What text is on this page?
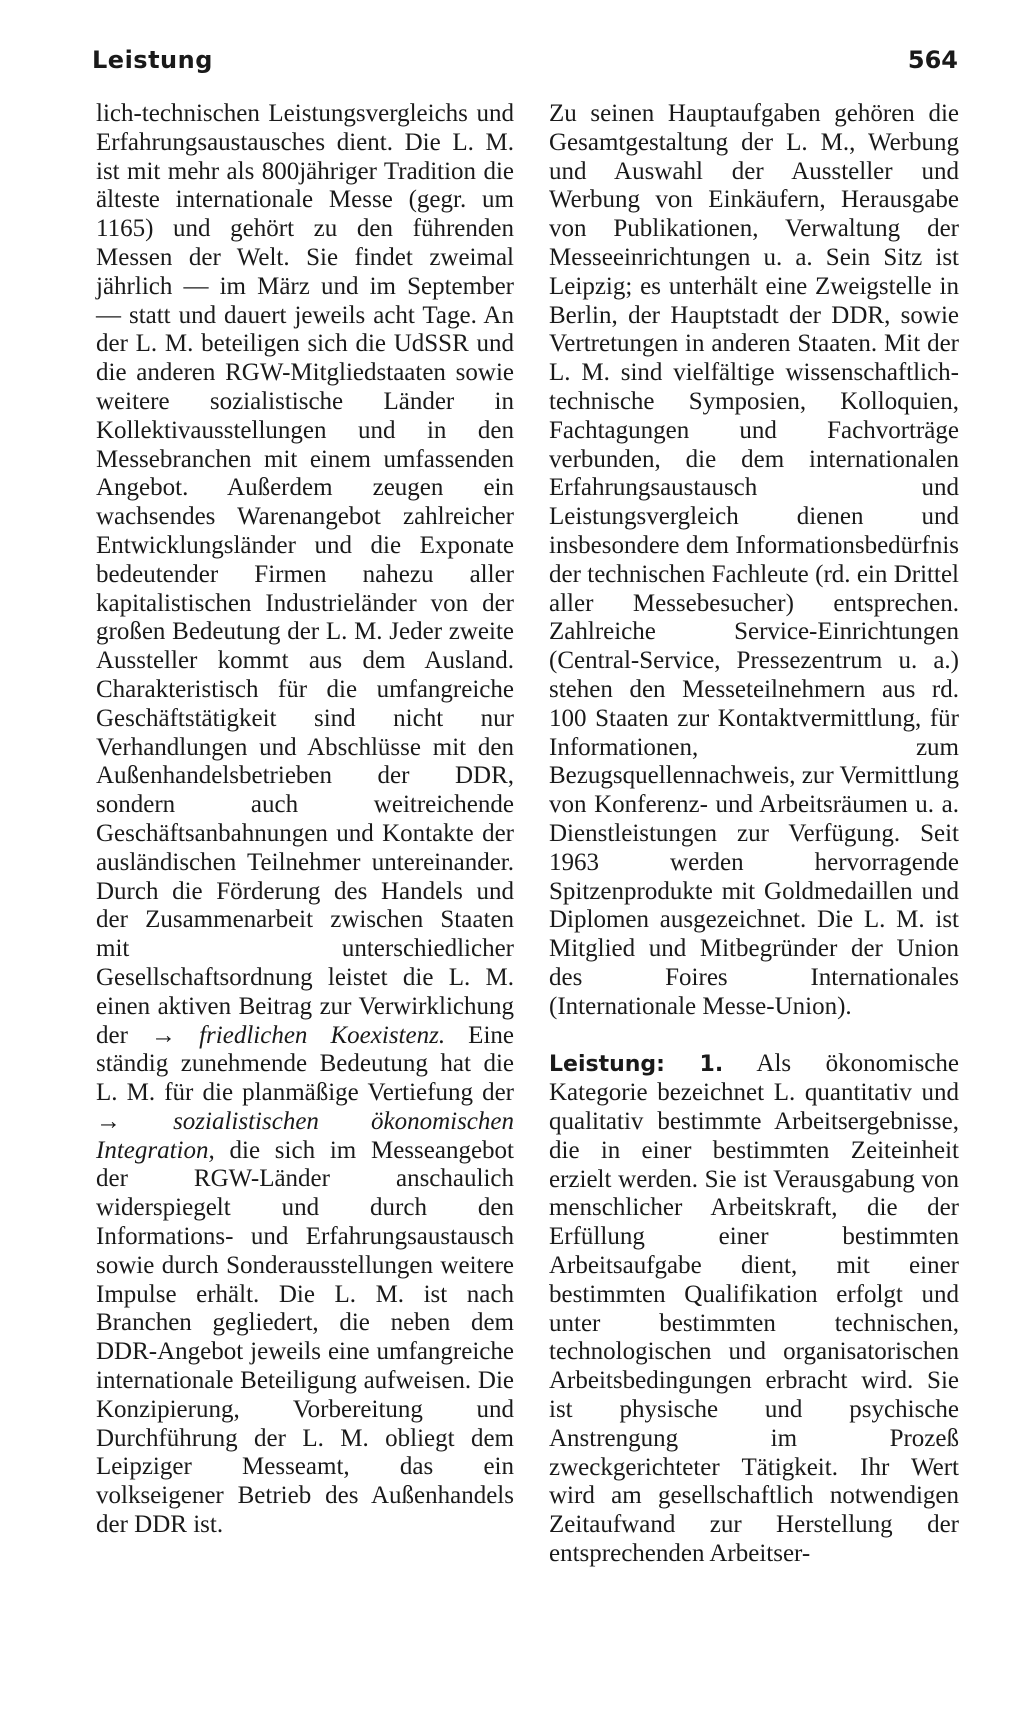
Leistung	564

lich-technischen Leistungsvergleichs und Erfahrungsaustausches dient. Die L. M. ist mit mehr als 800jähriger Tradition die älteste internationale Messe (gegr. um 1165) und gehört zu den führenden Messen der Welt. Sie findet zweimal jährlich — im März und im September — statt und dauert jeweils acht Tage. An der L. M. beteiligen sich die UdSSR und die anderen RGW-Mitgliedstaaten sowie weitere sozialistische Länder in Kollektivausstellungen und in den Messebranchen mit einem umfassenden Angebot. Außerdem zeugen ein wachsendes Warenangebot zahlreicher Entwicklungsländer und die Exponate bedeutender Firmen nahezu aller kapitalistischen Industrieländer von der großen Bedeutung der L. M. Jeder zweite Aussteller kommt aus dem Ausland. Charakteristisch für die umfangreiche Geschäftstätigkeit sind nicht nur Verhandlungen und Abschlüsse mit den Außenhandelsbetrieben der DDR, sondern auch weitreichende Geschäftsanbahnungen und Kontakte der ausländischen Teilnehmer untereinander. Durch die Förderung des Handels und der Zusammenarbeit zwischen Staaten mit unterschiedlicher Gesellschaftsordnung leistet die L. M. einen aktiven Beitrag zur Verwirklichung der → friedlichen Koexistenz. Eine ständig zunehmende Bedeutung hat die L. M. für die planmäßige Vertiefung der → sozialistischen ökonomischen Integration, die sich im Messeangebot der RGW-Länder anschaulich widerspiegelt und durch den Informations- und Erfahrungsaustausch sowie durch Sonderausstellungen weitere Impulse erhält. Die L. M. ist nach Branchen gegliedert, die neben dem DDR-Angebot jeweils eine umfangreiche internationale Beteiligung aufweisen. Die Konzipierung, Vorbereitung und Durchführung der L. M. obliegt dem Leipziger Messeamt, das ein volkseigener Betrieb des Außenhandels der DDR ist.

Zu seinen Hauptaufgaben gehören die Gesamtgestaltung der L. M., Werbung und Auswahl der Aussteller und Werbung von Einkäufern, Herausgabe von Publikationen, Verwaltung der Messeeinrichtungen u. a. Sein Sitz ist Leipzig; es unterhält eine Zweigstelle in Berlin, der Hauptstadt der DDR, sowie Vertretungen in anderen Staaten. Mit der L. M. sind vielfältige wissenschaftlich-technische Symposien, Kolloquien, Fachtagungen und Fachvorträge verbunden, die dem internationalen Erfahrungsaustausch und Leistungsvergleich dienen und insbesondere dem Informationsbedürfnis der technischen Fachleute (rd. ein Drittel aller Messebesucher) entsprechen. Zahlreiche Service-Einrichtungen (Central-Service, Pressezentrum u. a.) stehen den Messeteilnehmern aus rd. 100 Staaten zur Kontaktvermittlung, für Informationen, zum Bezugsquellennachweis, zur Vermittlung von Konferenz- und Arbeitsräumen u. a. Dienstleistungen zur Verfügung. Seit 1963 werden hervorragende Spitzenprodukte mit Goldmedaillen und Diplomen ausgezeichnet. Die L. M. ist Mitglied und Mitbegründer der Union des Foires Internationales (Internationale Messe-Union).

Leistung: 1. Als ökonomische Kategorie bezeichnet L. quantitativ und qualitativ bestimmte Arbeitsergebnisse, die in einer bestimmten Zeiteinheit erzielt werden. Sie ist Verausgabung von menschlicher Arbeitskraft, die der Erfüllung einer bestimmten Arbeitsaufgabe dient, mit einer bestimmten Qualifikation erfolgt und unter bestimmten technischen, technologischen und organisatorischen Arbeitsbedingungen erbracht wird. Sie ist physische und psychische Anstrengung im Prozeß zweckgerichteter Tätigkeit. Ihr Wert wird am gesellschaftlich notwendigen Zeitaufwand zur Herstellung der entsprechenden Arbeitser-
